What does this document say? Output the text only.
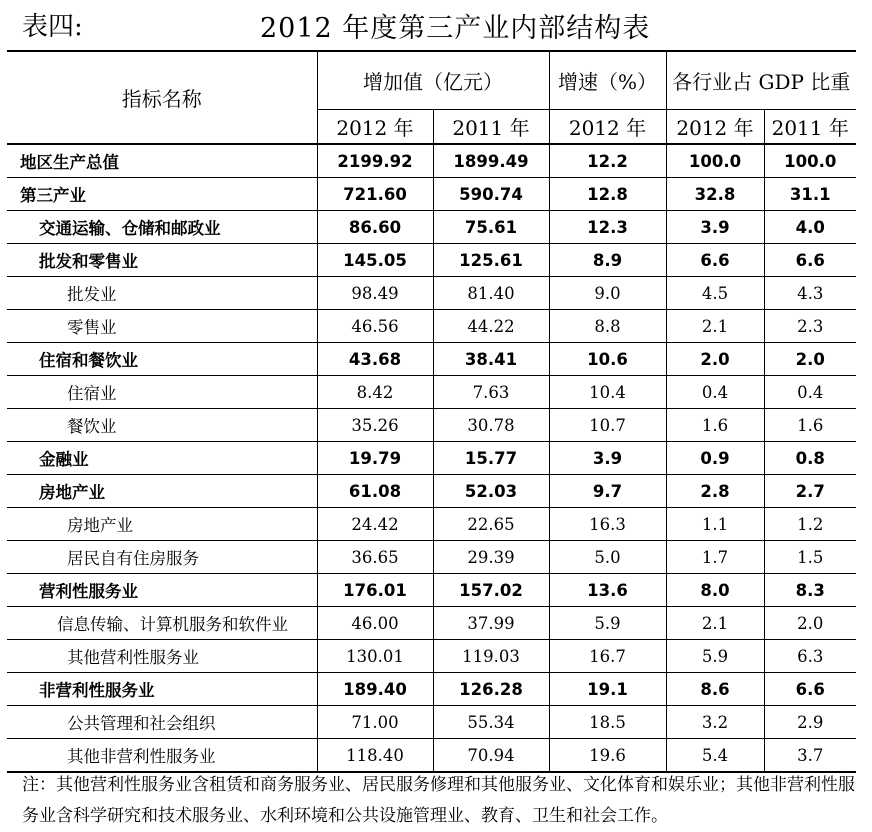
表四:	2012 年度第三产业内部结构表
指标名称	增加值（亿元）		增速（%）	各行业占 GDP 比重	
	2012 年	2011 年	2012 年	2012 年	2011 年
地区生产总值	2199.92	1899.49	12.2	100.0	100.0
第三产业	721.60	590.74	12.8	32.8	31.1
交通运输、仓储和邮政业	86.60	75.61	12.3	3.9	4.0
批发和零售业	145.05	125.61	8.9	6.6	6.6
批发业	98.49	81.40	9.0	4.5	4.3
零售业	46.56	44.22	8.8	2.1	2.3
住宿和餐饮业	43.68	38.41	10.6	2.0	2.0
住宿业	8.42	7.63	10.4	0.4	0.4
餐饮业	35.26	30.78	10.7	1.6	1.6
金融业	19.79	15.77	3.9	0.9	0.8
房地产业	61.08	52.03	9.7	2.8	2.7
房地产业	24.42	22.65	16.3	1.1	1.2
居民自有住房服务	36.65	29.39	5.0	1.7	1.5
营利性服务业	176.01	157.02	13.6	8.0	8.3
信息传输、计算机服务和软件业	46.00	37.99	5.9	2.1	2.0
其他营利性服务业	130.01	119.03	16.7	5.9	6.3
非营利性服务业	189.40	126.28	19.1	8.6	6.6
公共管理和社会组织	71.00	55.34	18.5	3.2	2.9
其他非营利性服务业	118.40	70.94	19.6	5.4	3.7
注：其他营利性服务业含租赁和商务服务业、居民服务修理和其他服务业、文化体育和娱乐业；其他非营利性服务业含科学研究和技术服务业、水利环境和公共设施管理业、教育、卫生和社会工作。
